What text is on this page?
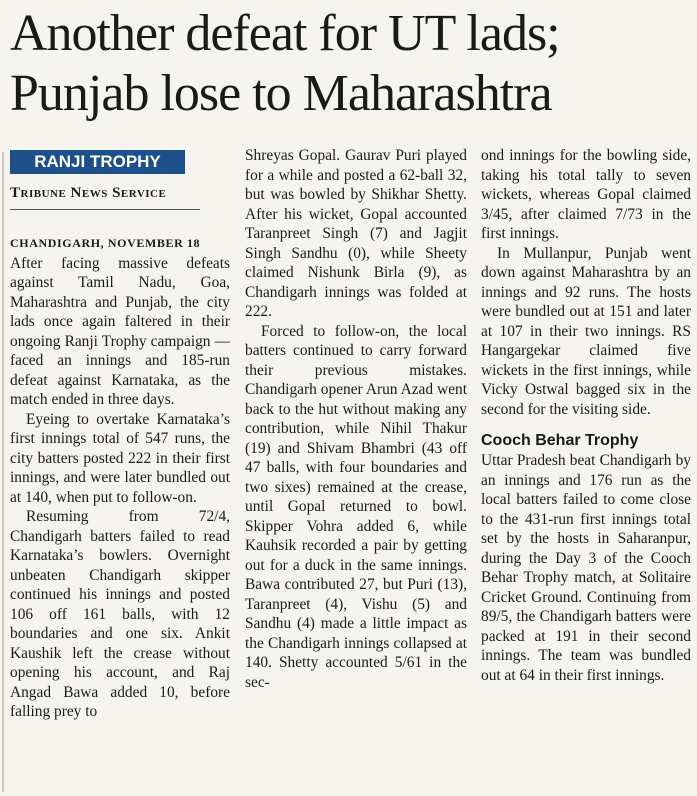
Another defeat for UT lads;
Punjab lose to Maharashtra
RANJI TROPHY
Tribune News Service
CHANDIGARH, NOVEMBER 18

After facing massive defeats against Tamil Nadu, Goa, Maharashtra and Punjab, the city lads once again faltered in their ongoing Ranji Trophy campaign — faced an innings and 185-run defeat against Karnataka, as the match ended in three days.

Eyeing to overtake Karnataka’s first innings total of 547 runs, the city batters posted 222 in their first innings, and were later bundled out at 140, when put to follow-on.

Resuming from 72/4, Chandigarh batters failed to read Karnataka’s bowlers. Overnight unbeaten Chandigarh skipper continued his innings and posted 106 off 161 balls, with 12 boundaries and one six. Ankit Kaushik left the crease without opening his account, and Raj Angad Bawa added 10, before falling prey to

Shreyas Gopal. Gaurav Puri played for a while and posted a 62-ball 32, but was bowled by Shikhar Shetty. After his wicket, Gopal accounted Taranpreet Singh (7) and Jagjit Singh Sandhu (0), while Sheety claimed Nishunk Birla (9), as Chandigarh innings was folded at 222.

Forced to follow-on, the local batters continued to carry forward their previous mistakes. Chandigarh opener Arun Azad went back to the hut without making any contribution, while Nihil Thakur (19) and Shivam Bhambri (43 off 47 balls, with four boundaries and two sixes) remained at the crease, until Gopal returned to bowl. Skipper Vohra added 6, while Kauhsik recorded a pair by getting out for a duck in the same innings. Bawa contributed 27, but Puri (13), Taranpreet (4), Vishu (5) and Sandhu (4) made a little impact as the Chandigarh innings collapsed at 140. Shetty accounted 5/61 in the sec-

ond innings for the bowling side, taking his total tally to seven wickets, whereas Gopal claimed 3/45, after claimed 7/73 in the first innings.

In Mullanpur, Punjab went down against Maharashtra by an innings and 92 runs. The hosts were bundled out at 151 and later at 107 in their two innings. RS Hangargekar claimed five wickets in the first innings, while Vicky Ostwal bagged six in the second for the visiting side.

Cooch Behar Trophy

Uttar Pradesh beat Chandigarh by an innings and 176 run as the local batters failed to come close to the 431-run first innings total set by the hosts in Saharanpur, during the Day 3 of the Cooch Behar Trophy match, at Solitaire Cricket Ground. Continuing from 89/5, the Chandigarh batters were packed at 191 in their second innings. The team was bundled out at 64 in their first innings.
